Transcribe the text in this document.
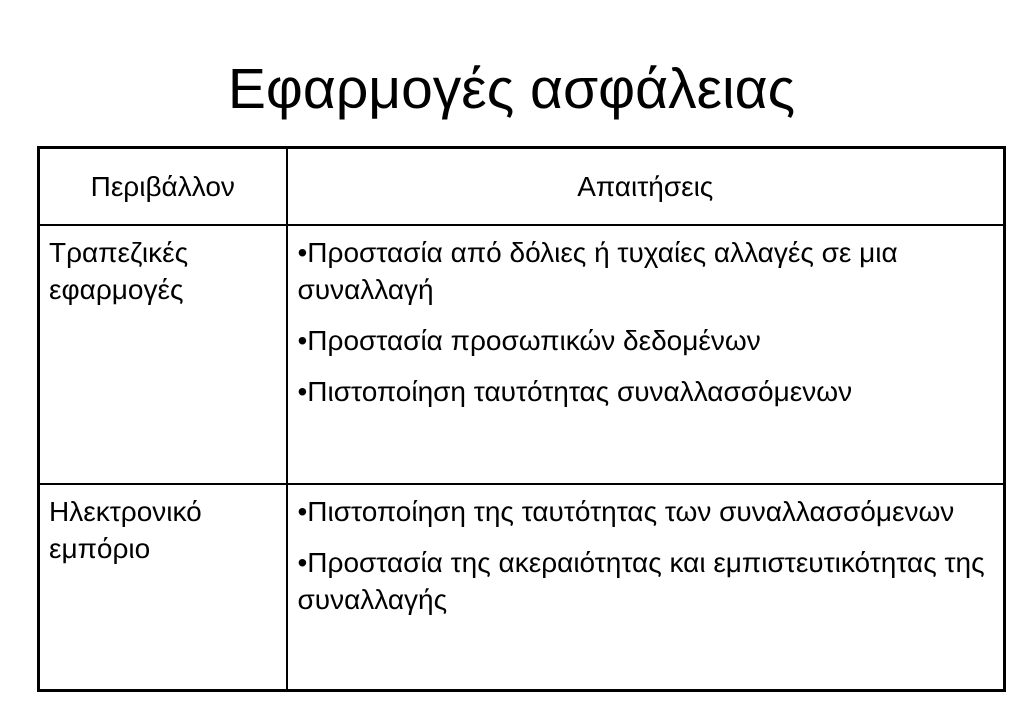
Εφαρμογές ασφάλειας
Περιβάλλον	Απαιτήσεις
Τραπεζικές εφαρμογές	•Προστασία από δόλιες ή τυχαίες αλλαγές σε μια συναλλαγή
•Προστασία προσωπικών δεδομένων
•Πιστοποίηση ταυτότητας συναλλασσόμενων

Ηλεκτρονικό εμπόριο	•Πιστοποίηση της ταυτότητας των συναλλασσόμενων
•Προστασία της ακεραιότητας και εμπιστευτικότητας της συναλλαγής
